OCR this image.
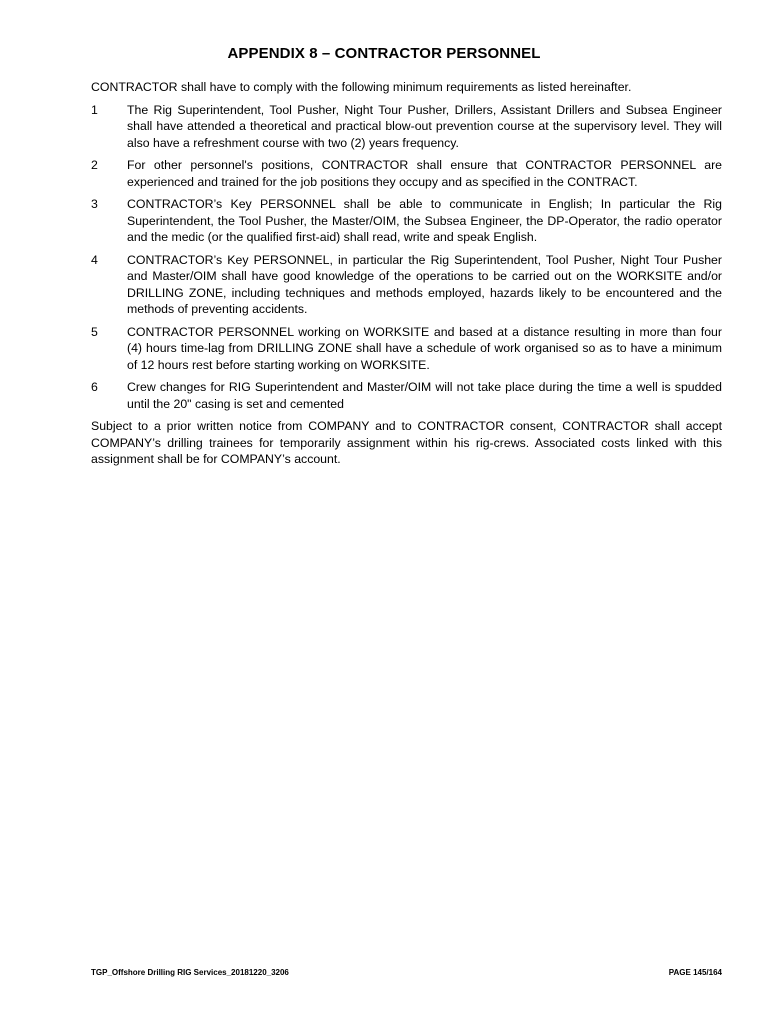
APPENDIX 8 – CONTRACTOR PERSONNEL

CONTRACTOR shall have to comply with the following minimum requirements as listed hereinafter.

1	The Rig Superintendent, Tool Pusher, Night Tour Pusher, Drillers, Assistant Drillers and Subsea Engineer shall have attended a theoretical and practical blow-out prevention course at the supervisory level. They will also have a refreshment course with two (2) years frequency.
2	For other personnel's positions, CONTRACTOR shall ensure that CONTRACTOR PERSONNEL are experienced and trained for the job positions they occupy and as specified in the CONTRACT.
3	CONTRACTOR’s Key PERSONNEL shall be able to communicate in English; In particular the Rig Superintendent, the Tool Pusher, the Master/OIM, the Subsea Engineer, the DP-Operator, the radio operator and the medic (or the qualified first-aid) shall read, write and speak English.
4	CONTRACTOR’s Key PERSONNEL, in particular the Rig Superintendent, Tool Pusher, Night Tour Pusher and Master/OIM shall have good knowledge of the operations to be carried out on the WORKSITE and/or DRILLING ZONE, including techniques and methods employed, hazards likely to be encountered and the methods of preventing accidents.
5	CONTRACTOR PERSONNEL working on WORKSITE and based at a distance resulting in more than four (4) hours time-lag from DRILLING ZONE shall have a schedule of work organised so as to have a minimum of 12 hours rest before starting working on WORKSITE.
6	Crew changes for RIG Superintendent and Master/OIM will not take place during the time a well is spudded until the 20" casing is set and cemented

Subject to a prior written notice from COMPANY and to CONTRACTOR consent, CONTRACTOR shall accept COMPANY’s drilling trainees for temporarily assignment within his rig-crews. Associated costs linked with this assignment shall be for COMPANY’s account.

TGP_Offshore Drilling RIG Services_20181220_3206	PAGE 145/164
